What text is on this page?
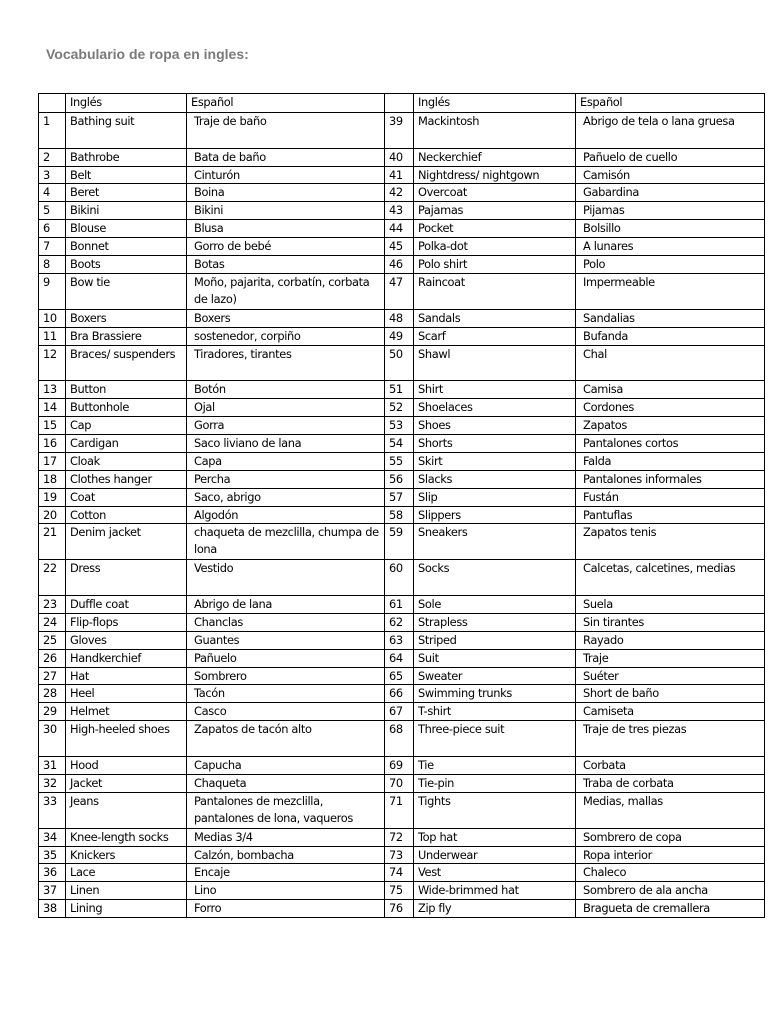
Vocabulario de ropa en ingles:
	Inglés	Español		Inglés	Español
1	Bathing suit	Traje de baño	39	Mackintosh	Abrigo de tela o lana gruesa
2	Bathrobe	Bata de baño	40	Neckerchief	Pañuelo de cuello
3	Belt	Cinturón	41	Nightdress/ nightgown	Camisón
4	Beret	Boina	42	Overcoat	Gabardina
5	Bikini	Bikini	43	Pajamas	Pijamas
6	Blouse	Blusa	44	Pocket	Bolsillo
7	Bonnet	Gorro de bebé	45	Polka-dot	A lunares
8	Boots	Botas	46	Polo shirt	Polo
9	Bow tie	Moño, pajarita, corbatín, corbata de lazo)	47	Raincoat	Impermeable
10	Boxers	Boxers	48	Sandals	Sandalias
11	Bra Brassiere	sostenedor, corpiño	49	Scarf	Bufanda
12	Braces/ suspenders	Tiradores, tirantes	50	Shawl	Chal
13	Button	Botón	51	Shirt	Camisa
14	Buttonhole	Ojal	52	Shoelaces	Cordones
15	Cap	Gorra	53	Shoes	Zapatos
16	Cardigan	Saco liviano de lana	54	Shorts	Pantalones cortos
17	Cloak	Capa	55	Skirt	Falda
18	Clothes hanger	Percha	56	Slacks	Pantalones informales
19	Coat	Saco, abrigo	57	Slip	Fustán
20	Cotton	Algodón	58	Slippers	Pantuflas
21	Denim jacket	chaqueta de mezclilla, chumpa de lona	59	Sneakers	Zapatos tenis
22	Dress	Vestido	60	Socks	Calcetas, calcetines, medias
23	Duffle coat	Abrigo de lana	61	Sole	Suela
24	Flip-flops	Chanclas	62	Strapless	Sin tirantes
25	Gloves	Guantes	63	Striped	Rayado
26	Handkerchief	Pañuelo	64	Suit	Traje
27	Hat	Sombrero	65	Sweater	Suéter
28	Heel	Tacón	66	Swimming trunks	Short de baño
29	Helmet	Casco	67	T-shirt	Camiseta
30	High-heeled shoes	Zapatos de tacón alto	68	Three-piece suit	Traje de tres piezas
31	Hood	Capucha	69	Tie	Corbata
32	Jacket	Chaqueta	70	Tie-pin	Traba de corbata
33	Jeans	Pantalones de mezclilla, pantalones de lona, vaqueros	71	Tights	Medias, mallas
34	Knee-length socks	Medias 3/4	72	Top hat	Sombrero de copa
35	Knickers	Calzón, bombacha	73	Underwear	Ropa interior
36	Lace	Encaje	74	Vest	Chaleco
37	Linen	Lino	75	Wide-brimmed hat	Sombrero de ala ancha
38	Lining	Forro	76	Zip fly	Bragueta de cremallera
